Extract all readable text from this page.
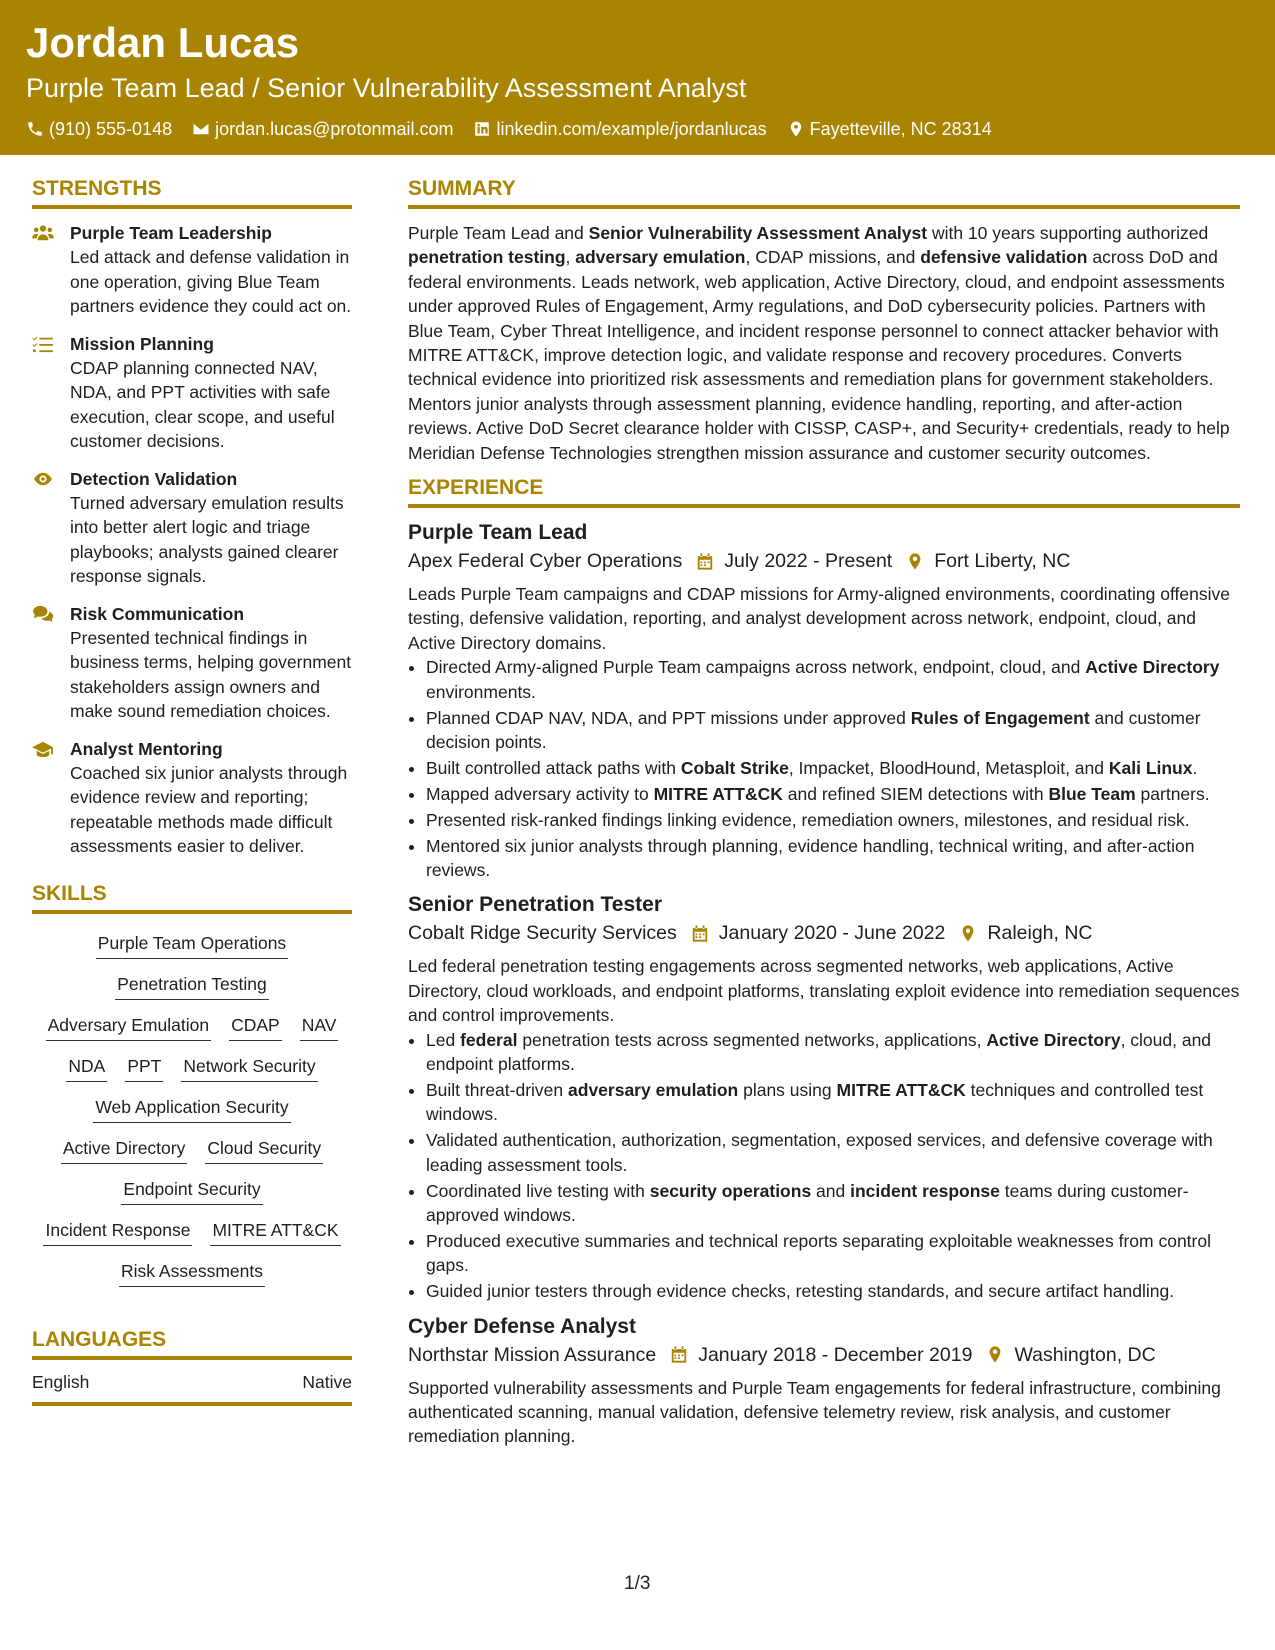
Jordan Lucas
Purple Team Lead / Senior Vulnerability Assessment Analyst
(910) 555-0148 jordan.lucas@protonmail.com linkedin.com/example/jordanlucas Fayetteville, NC 28314
STRENGTHS
Purple Team Leadership
Led attack and defense validation in one operation, giving Blue Team partners evidence they could act on.
Mission Planning
CDAP planning connected NAV, NDA, and PPT activities with safe execution, clear scope, and useful customer decisions.
Detection Validation
Turned adversary emulation results into better alert logic and triage playbooks; analysts gained clearer response signals.
Risk Communication
Presented technical findings in business terms, helping government stakeholders assign owners and make sound remediation choices.
Analyst Mentoring
Coached six junior analysts through evidence review and reporting; repeatable methods made difficult assessments easier to deliver.
SKILLS
Purple Team Operations
Penetration Testing
Adversary Emulation CDAP NAV
NDA PPT Network Security
Web Application Security
Active Directory Cloud Security
Endpoint Security
Incident Response MITRE ATT&CK
Risk Assessments
LANGUAGES
English	Native
SUMMARY
Purple Team Lead and Senior Vulnerability Assessment Analyst with 10 years supporting authorized penetration testing, adversary emulation, CDAP missions, and defensive validation across DoD and federal environments. Leads network, web application, Active Directory, cloud, and endpoint assessments under approved Rules of Engagement, Army regulations, and DoD cybersecurity policies. Partners with Blue Team, Cyber Threat Intelligence, and incident response personnel to connect attacker behavior with MITRE ATT&CK, improve detection logic, and validate response and recovery procedures. Converts technical evidence into prioritized risk assessments and remediation plans for government stakeholders. Mentors junior analysts through assessment planning, evidence handling, reporting, and after-action reviews. Active DoD Secret clearance holder with CISSP, CASP+, and Security+ credentials, ready to help Meridian Defense Technologies strengthen mission assurance and customer security outcomes.
EXPERIENCE
Purple Team Lead
Apex Federal Cyber Operations July 2022 - Present Fort Liberty, NC
Leads Purple Team campaigns and CDAP missions for Army-aligned environments, coordinating offensive testing, defensive validation, reporting, and analyst development across network, endpoint, cloud, and Active Directory domains.
• Directed Army-aligned Purple Team campaigns across network, endpoint, cloud, and Active Directory environments.
• Planned CDAP NAV, NDA, and PPT missions under approved Rules of Engagement and customer decision points.
• Built controlled attack paths with Cobalt Strike, Impacket, BloodHound, Metasploit, and Kali Linux.
• Mapped adversary activity to MITRE ATT&CK and refined SIEM detections with Blue Team partners.
• Presented risk-ranked findings linking evidence, remediation owners, milestones, and residual risk.
• Mentored six junior analysts through planning, evidence handling, technical writing, and after-action reviews.
Senior Penetration Tester
Cobalt Ridge Security Services January 2020 - June 2022 Raleigh, NC
Led federal penetration testing engagements across segmented networks, web applications, Active Directory, cloud workloads, and endpoint platforms, translating exploit evidence into remediation sequences and control improvements.
• Led federal penetration tests across segmented networks, applications, Active Directory, cloud, and endpoint platforms.
• Built threat-driven adversary emulation plans using MITRE ATT&CK techniques and controlled test windows.
• Validated authentication, authorization, segmentation, exposed services, and defensive coverage with leading assessment tools.
• Coordinated live testing with security operations and incident response teams during customer-approved windows.
• Produced executive summaries and technical reports separating exploitable weaknesses from control gaps.
• Guided junior testers through evidence checks, retesting standards, and secure artifact handling.
Cyber Defense Analyst
Northstar Mission Assurance January 2018 - December 2019 Washington, DC
Supported vulnerability assessments and Purple Team engagements for federal infrastructure, combining authenticated scanning, manual validation, defensive telemetry review, risk analysis, and customer remediation planning.
1/3
